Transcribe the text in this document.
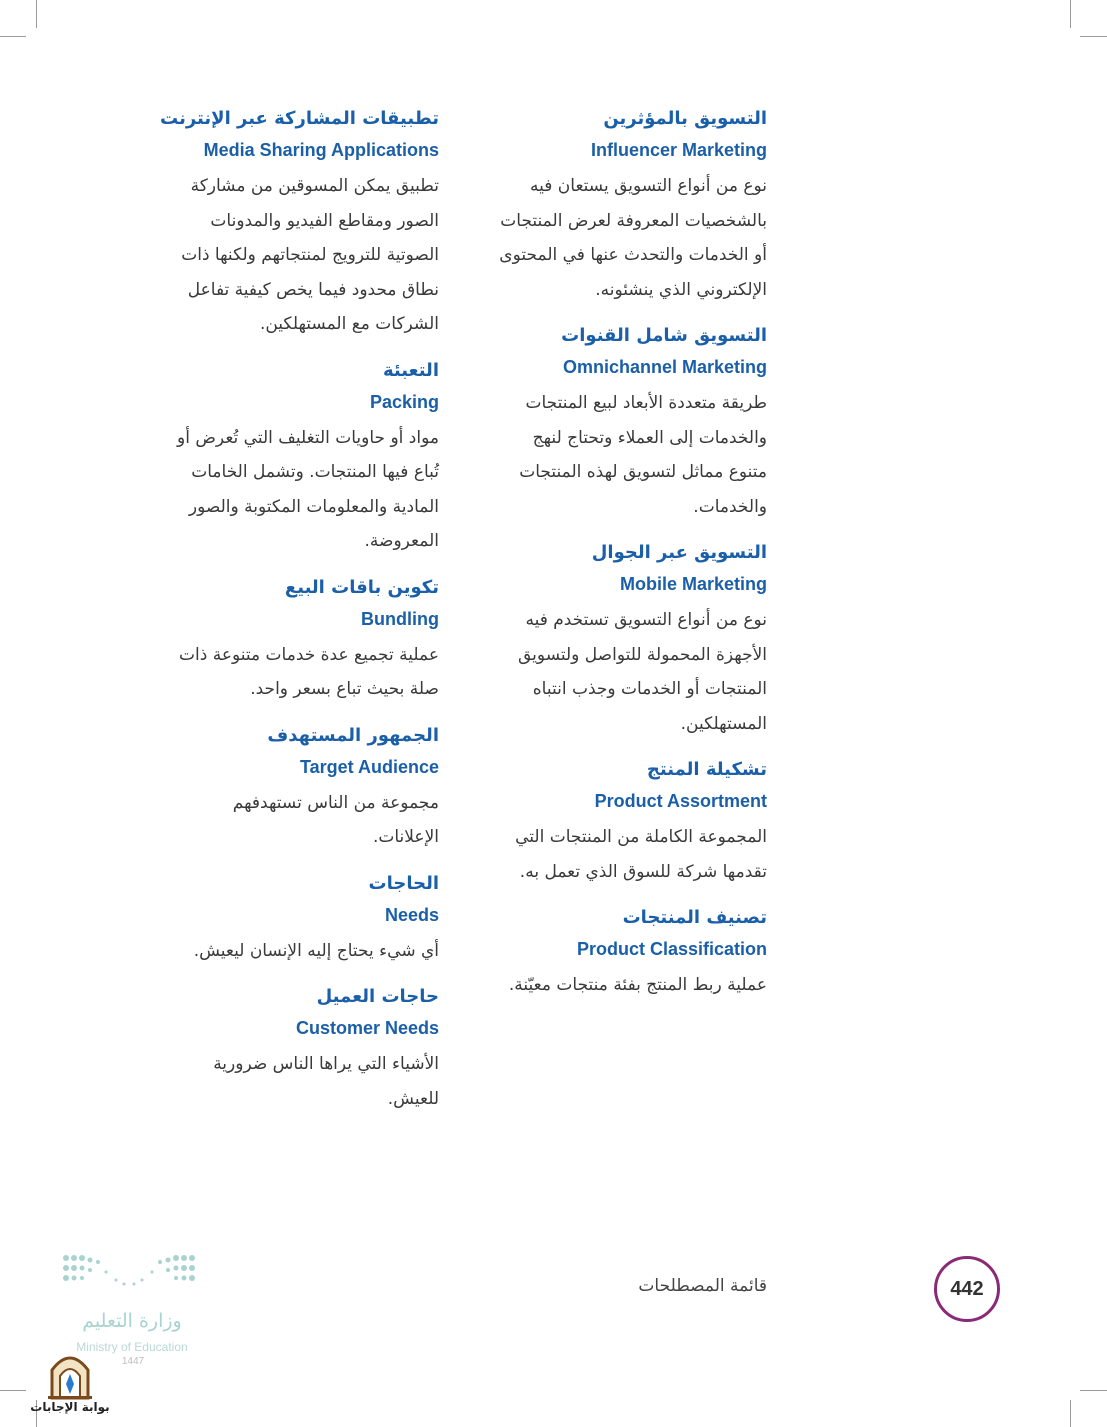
التسويق بالمؤثرين
Influencer Marketing
نوع من أنواع التسويق يستعان فيه
بالشخصيات المعروفة لعرض المنتجات
أو الخدمات والتحدث عنها في المحتوى
الإلكتروني الذي ينشئونه.
التسويق شامل القنوات
Omnichannel Marketing
طريقة متعددة الأبعاد لبيع المنتجات
والخدمات إلى العملاء وتحتاج لنهج
متنوع مماثل لتسويق لهذه المنتجات
والخدمات.
التسويق عبر الجوال
Mobile Marketing
نوع من أنواع التسويق تستخدم فيه
الأجهزة المحمولة للتواصل ولتسويق
المنتجات أو الخدمات وجذب انتباه
المستهلكين.
تشكيلة المنتج
Product Assortment
المجموعة الكاملة من المنتجات التي
تقدمها شركة للسوق الذي تعمل به.
تصنيف المنتجات
Product Classification
عملية ربط المنتج بفئة منتجات معيّنة.
تطبيقات المشاركة عبر الإنترنت
Media Sharing Applications
تطبيق يمكن المسوقين من مشاركة
الصور ومقاطع الفيديو والمدونات
الصوتية للترويج لمنتجاتهم ولكنها ذات
نطاق محدود فيما يخص كيفية تفاعل
الشركات مع المستهلكين.
التعبئة
Packing
مواد أو حاويات التغليف التي تُعرض أو
تُباع فيها المنتجات. وتشمل الخامات
المادية والمعلومات المكتوبة والصور
المعروضة.
تكوين باقات البيع
Bundling
عملية تجميع عدة خدمات متنوعة ذات
صلة بحيث تباع بسعر واحد.
الجمهور المستهدف
Target Audience
مجموعة من الناس تستهدفهم
الإعلانات.
الحاجات
Needs
أي شيء يحتاج إليه الإنسان ليعيش.
حاجات العميل
Customer Needs
الأشياء التي يراها الناس ضرورية
للعيش.
442
قائمة المصطلحات
وزارة التعليم
Ministry of Education
1447
بوابة الإجابات
